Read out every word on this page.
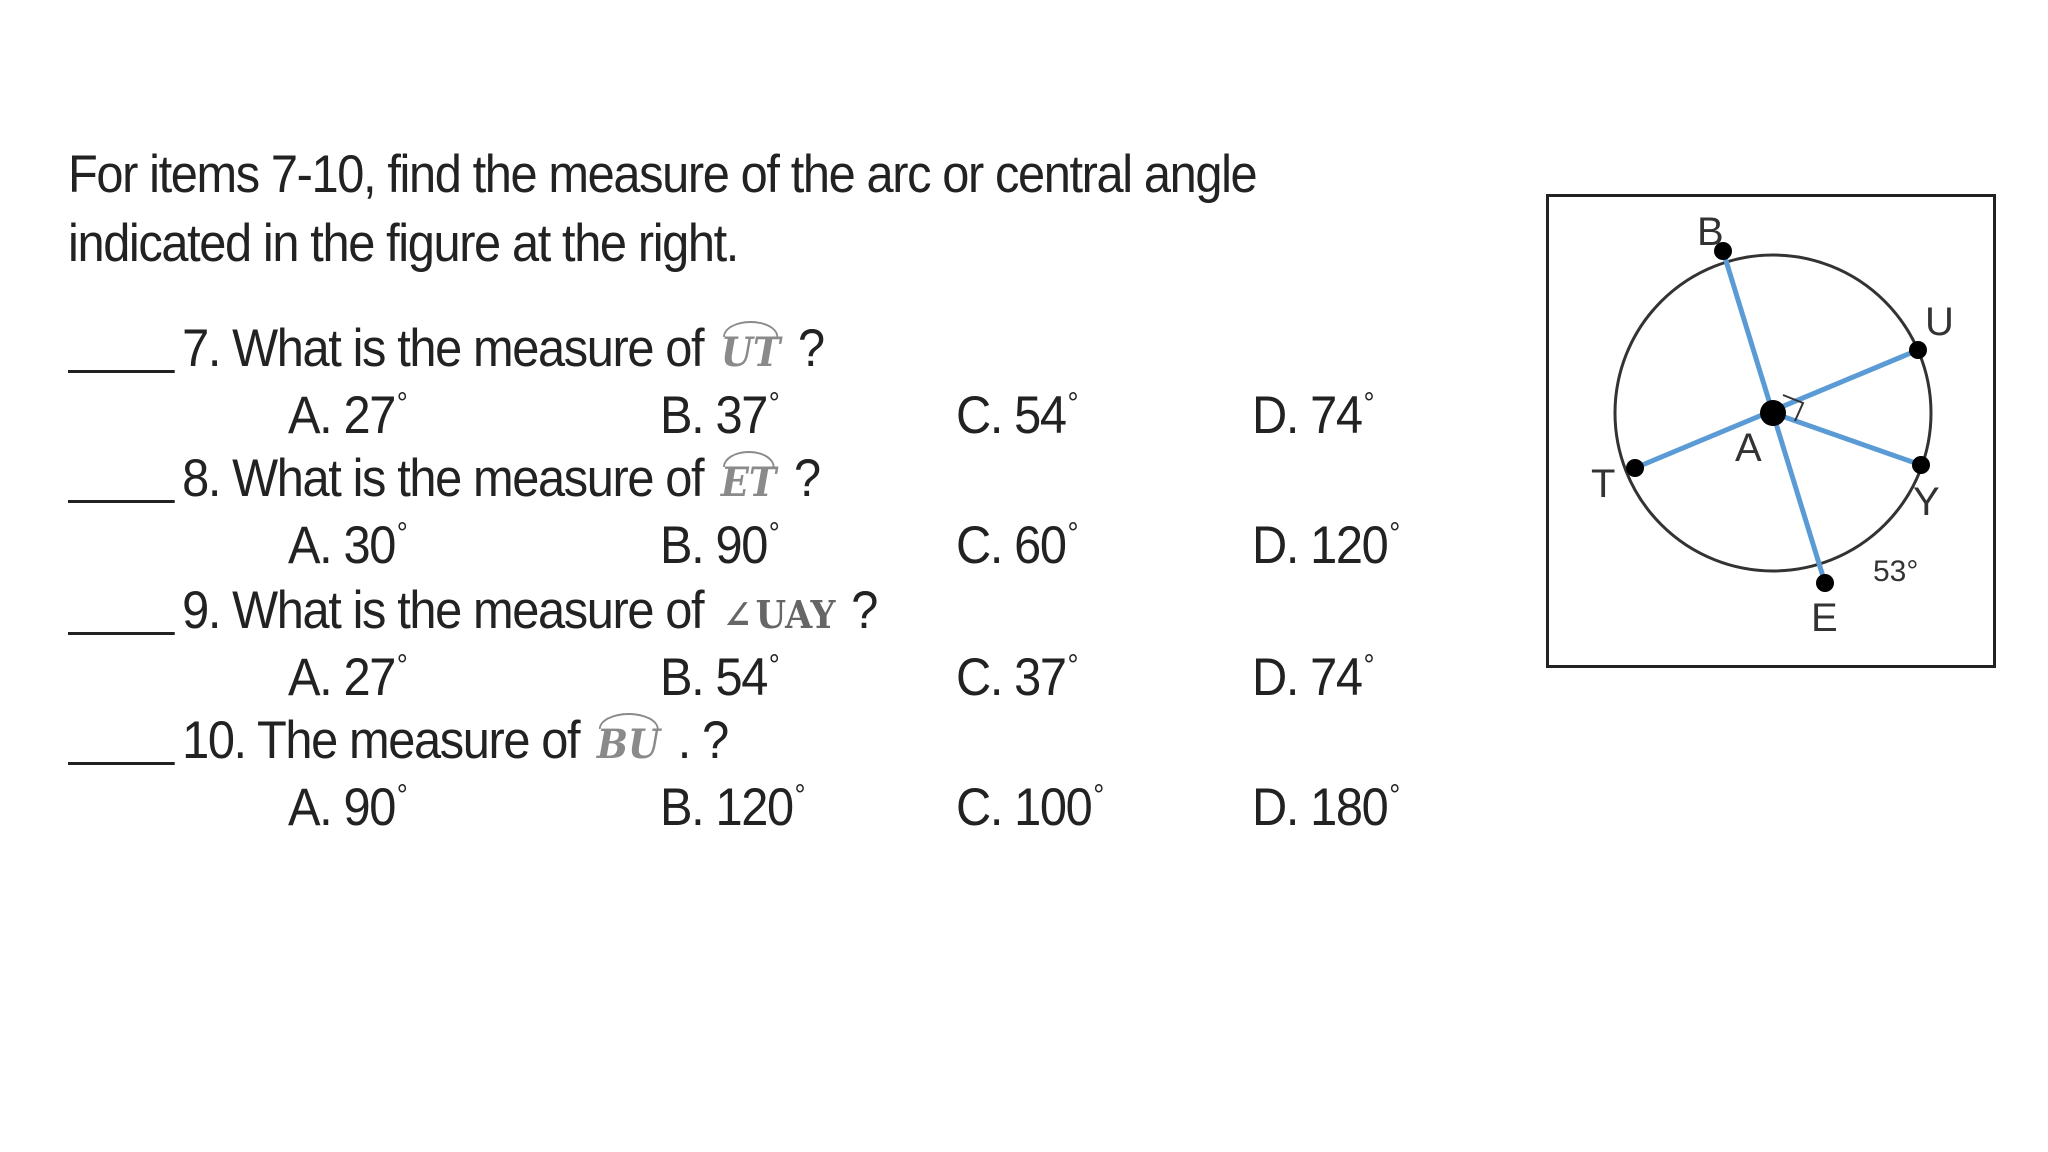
For items 7-10, find the measure of the arc or central angle
indicated in the figure at the right.
7. What is the measure of UT ?
A. 27°	B. 37°	C. 54°	D. 74°
8. What is the measure of ET ?
A. 30°	B. 90°	C. 60°	D. 120°
9. What is the measure of ∠UAY ?
A. 27°	B. 54°	C. 37°	D. 74°
10. The measure of BU . ?
A. 90°	B. 120°	C. 100°	D. 180°
B
U
A
T	Y
E
53°
